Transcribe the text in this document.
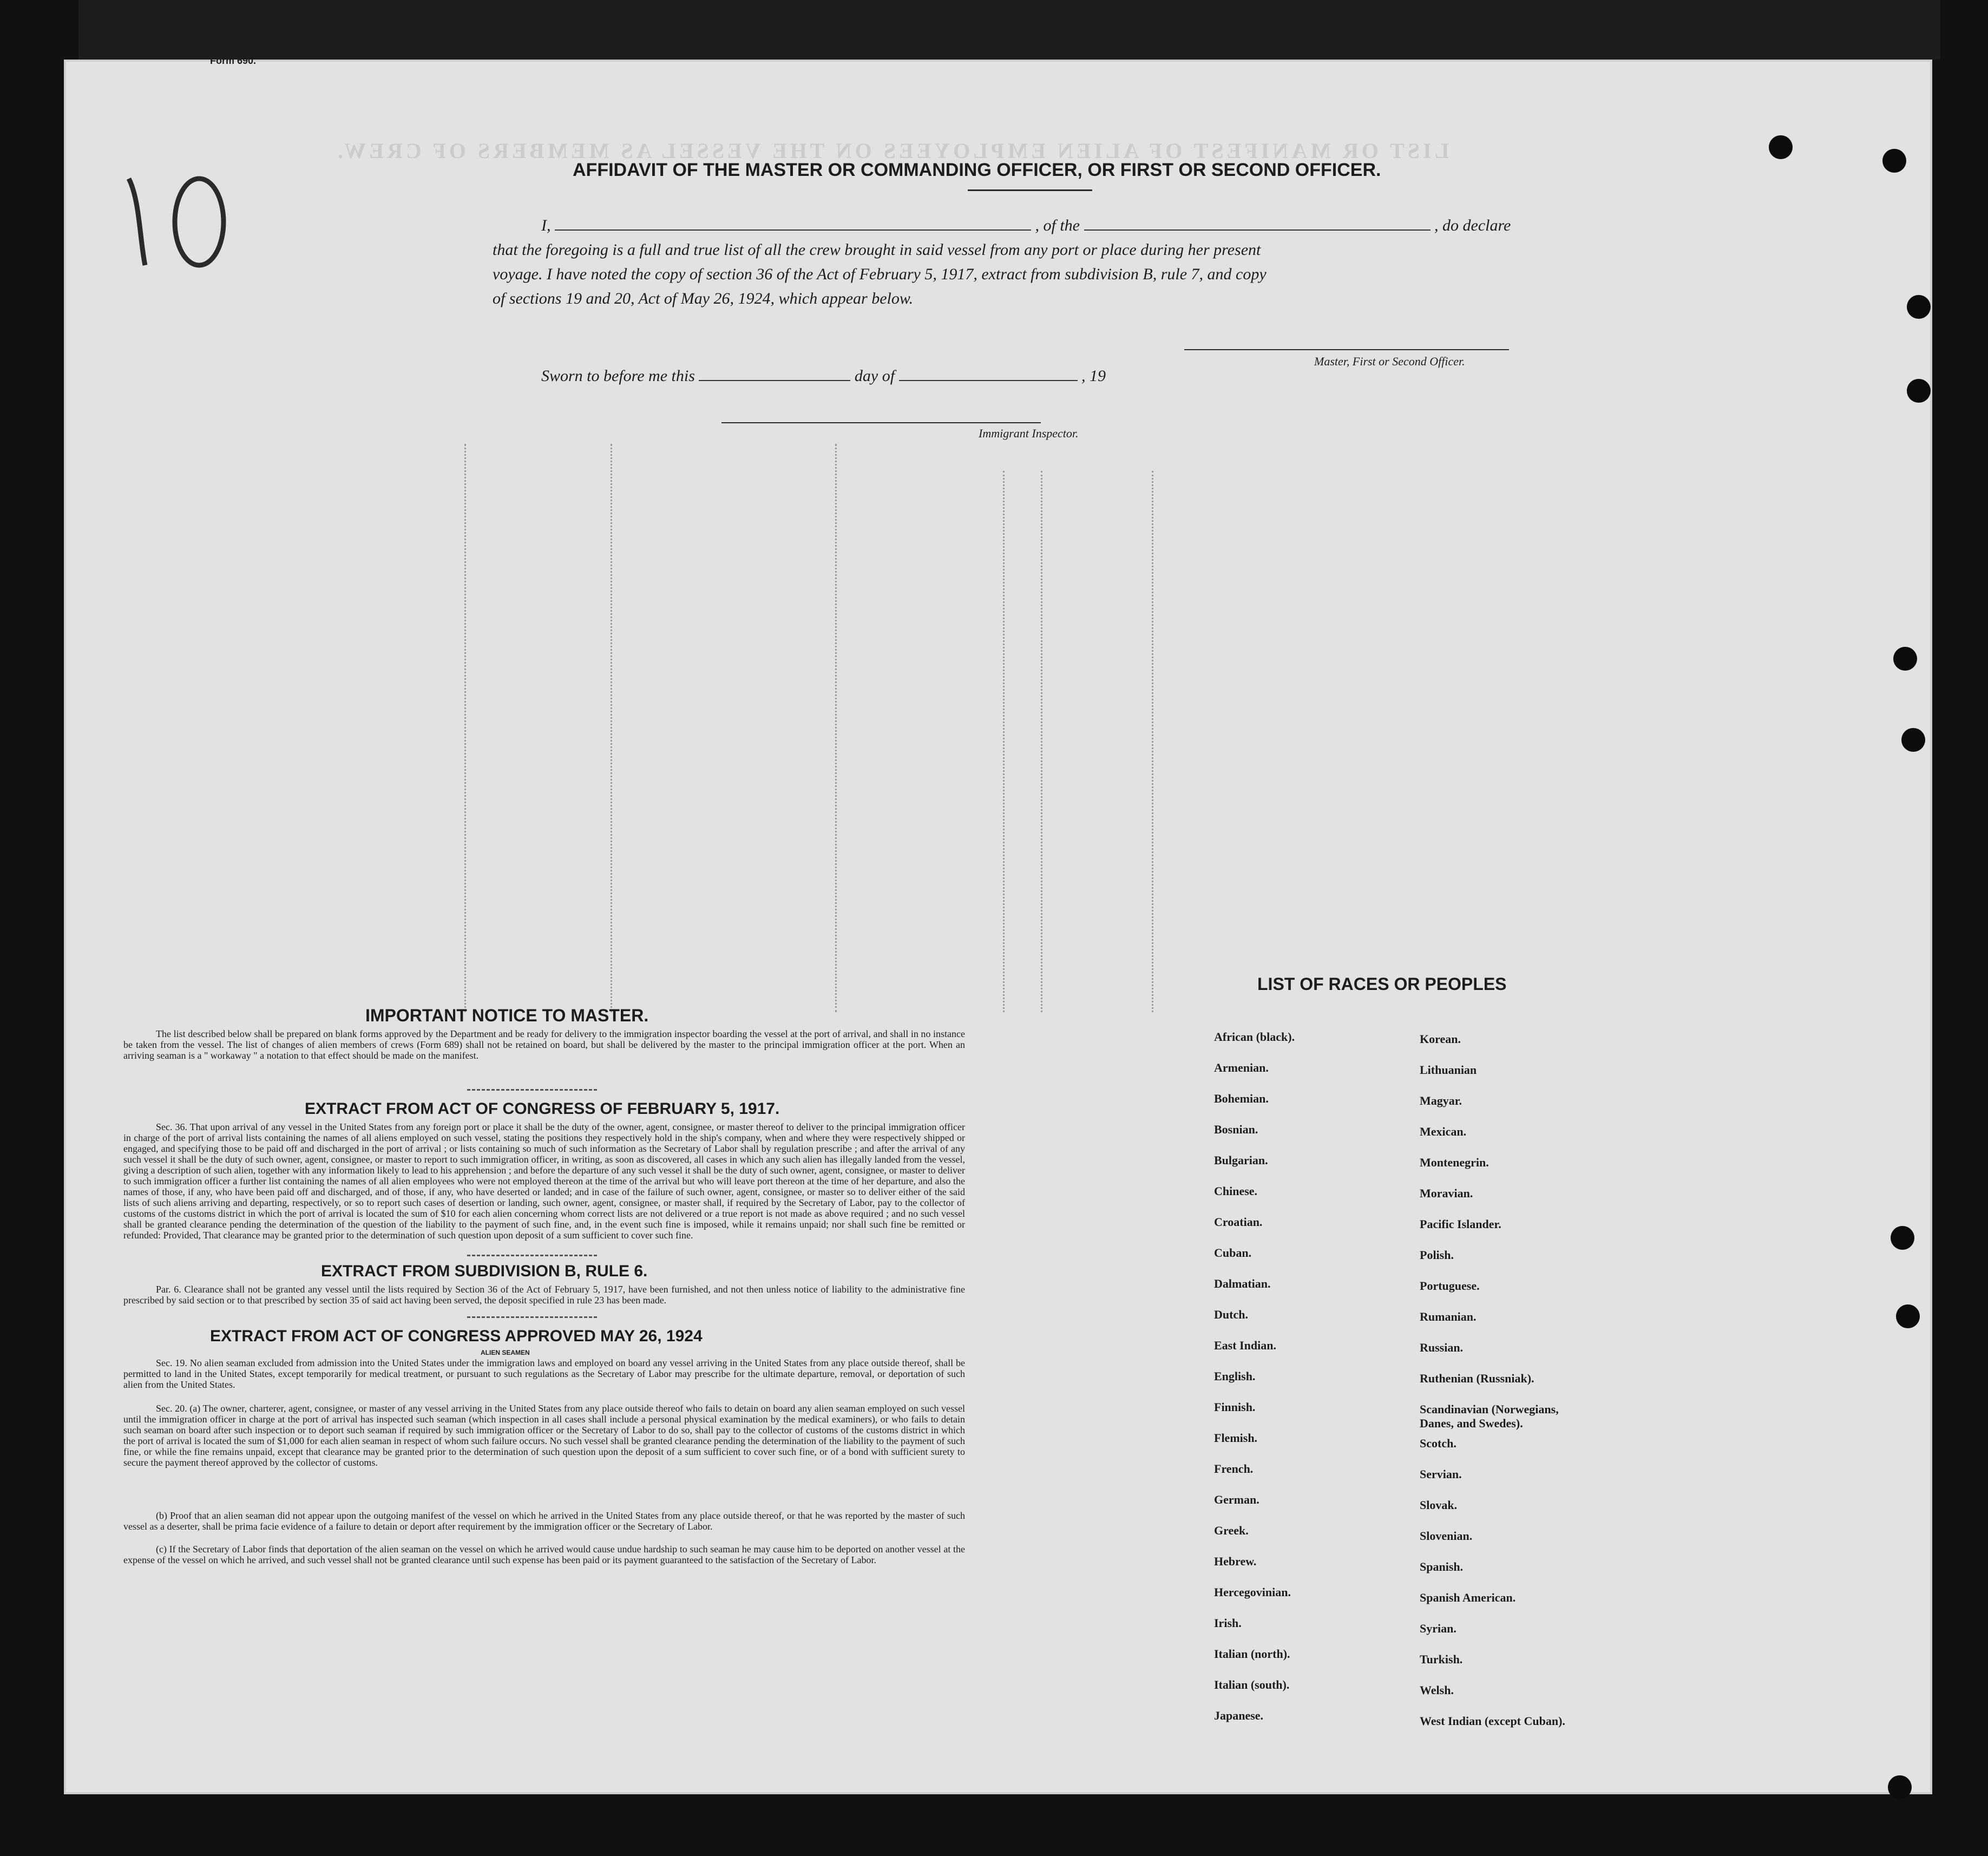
LIST OR MANIFEST OF ALIEN EMPLOYEES ON THE VESSEL AS MEMBERS OF CREW.
Form 690.
AFFIDAVIT OF THE MASTER OR COMMANDING OFFICER, OR FIRST OR SECOND OFFICER.
I,	, of the	, do declare
that the foregoing is a full and true list of all the crew brought in said vessel from any port or place during her present
voyage. I have noted the copy of section 36 of the Act of February 5, 1917, extract from subdivision B, rule 7, and copy
of sections 19 and 20, Act of May 26, 1924, which appear below.
Master, First or Second Officer.
Sworn to before me this	day of	, 19
Immigrant Inspector.
IMPORTANT NOTICE TO MASTER.
The list described below shall be prepared on blank forms approved by the Department and be ready for delivery to the immigration inspector boarding the vessel at the port of arrival, and shall in no instance be taken from the vessel. The list of changes of alien members of crews (Form 689) shall not be retained on board, but shall be delivered by the master to the principal immigration officer at the port. When an arriving seaman is a " workaway " a notation to that effect should be made on the manifest.
EXTRACT FROM ACT OF CONGRESS OF FEBRUARY 5, 1917.
Sec. 36. That upon arrival of any vessel in the United States from any foreign port or place it shall be the duty of the owner, agent, consignee, or master thereof to deliver to the principal immigration officer in charge of the port of arrival lists containing the names of all aliens employed on such vessel, stating the positions they respectively hold in the ship's company, when and where they were respectively shipped or engaged, and specifying those to be paid off and discharged in the port of arrival ; or lists containing so much of such information as the Secretary of Labor shall by regulation prescribe ; and after the arrival of any such vessel it shall be the duty of such owner, agent, consignee, or master to report to such immigration officer, in writing, as soon as discovered, all cases in which any such alien has illegally landed from the vessel, giving a description of such alien, together with any information likely to lead to his apprehension ; and before the departure of any such vessel it shall be the duty of such owner, agent, consignee, or master to deliver to such immigration officer a further list containing the names of all alien employees who were not employed thereon at the time of the arrival but who will leave port thereon at the time of her departure, and also the names of those, if any, who have been paid off and discharged, and of those, if any, who have deserted or landed; and in case of the failure of such owner, agent, consignee, or master so to deliver either of the said lists of such aliens arriving and departing, respectively, or so to report such cases of desertion or landing, such owner, agent, consignee, or master shall, if required by the Secretary of Labor, pay to the collector of customs of the customs district in which the port of arrival is located the sum of $10 for each alien concerning whom correct lists are not delivered or a true report is not made as above required ; and no such vessel shall be granted clearance pending the determination of the question of the liability to the payment of such fine, and, in the event such fine is imposed, while it remains unpaid; nor shall such fine be remitted or refunded: Provided, That clearance may be granted prior to the determination of such question upon deposit of a sum sufficient to cover such fine.
EXTRACT FROM SUBDIVISION B, RULE 6.
Par. 6. Clearance shall not be granted any vessel until the lists required by Section 36 of the Act of February 5, 1917, have been furnished, and not then unless notice of liability to the administrative fine prescribed by said section or to that prescribed by section 35 of said act having been served, the deposit specified in rule 23 has been made.
EXTRACT FROM ACT OF CONGRESS APPROVED MAY 26, 1924
ALIEN SEAMEN
Sec. 19. No alien seaman excluded from admission into the United States under the immigration laws and employed on board any vessel arriving in the United States from any place outside thereof, shall be permitted to land in the United States, except temporarily for medical treatment, or pursuant to such regulations as the Secretary of Labor may prescribe for the ultimate departure, removal, or deportation of such alien from the United States.
Sec. 20. (a) The owner, charterer, agent, consignee, or master of any vessel arriving in the United States from any place outside thereof who fails to detain on board any alien seaman employed on such vessel until the immigration officer in charge at the port of arrival has inspected such seaman (which inspection in all cases shall include a personal physical examination by the medical examiners), or who fails to detain such seaman on board after such inspection or to deport such seaman if required by such immigration officer or the Secretary of Labor to do so, shall pay to the collector of customs of the customs district in which the port of arrival is located the sum of $1,000 for each alien seaman in respect of whom such failure occurs. No such vessel shall be granted clearance pending the determination of the liability to the payment of such fine, or while the fine remains unpaid, except that clearance may be granted prior to the determination of such question upon the deposit of a sum sufficient to cover such fine, or of a bond with sufficient surety to secure the payment thereof approved by the collector of customs.
(b) Proof that an alien seaman did not appear upon the outgoing manifest of the vessel on which he arrived in the United States from any place outside thereof, or that he was reported by the master of such vessel as a deserter, shall be prima facie evidence of a failure to detain or deport after requirement by the immigration officer or the Secretary of Labor.
(c) If the Secretary of Labor finds that deportation of the alien seaman on the vessel on which he arrived would cause undue hardship to such seaman he may cause him to be deported on another vessel at the expense of the vessel on which he arrived, and such vessel shall not be granted clearance until such expense has been paid or its payment guaranteed to the satisfaction of the Secretary of Labor.
LIST OF RACES OR PEOPLES
African (black).
Armenian.
Bohemian.
Bosnian.
Bulgarian.
Chinese.
Croatian.
Cuban.
Dalmatian.
Dutch.
East Indian.
English.
Finnish.
Flemish.
French.
German.
Greek.
Hebrew.
Hercegovinian.
Irish.
Italian (north).
Italian (south).
Japanese.
Korean.
Lithuanian
Magyar.
Mexican.
Montenegrin.
Moravian.
Pacific Islander.
Polish.
Portuguese.
Rumanian.
Russian.
Ruthenian (Russniak).
Scandinavian (Norwegians, Danes, and Swedes).
Scotch.
Servian.
Slovak.
Slovenian.
Spanish.
Spanish American.
Syrian.
Turkish.
Welsh.
West Indian (except Cuban).
